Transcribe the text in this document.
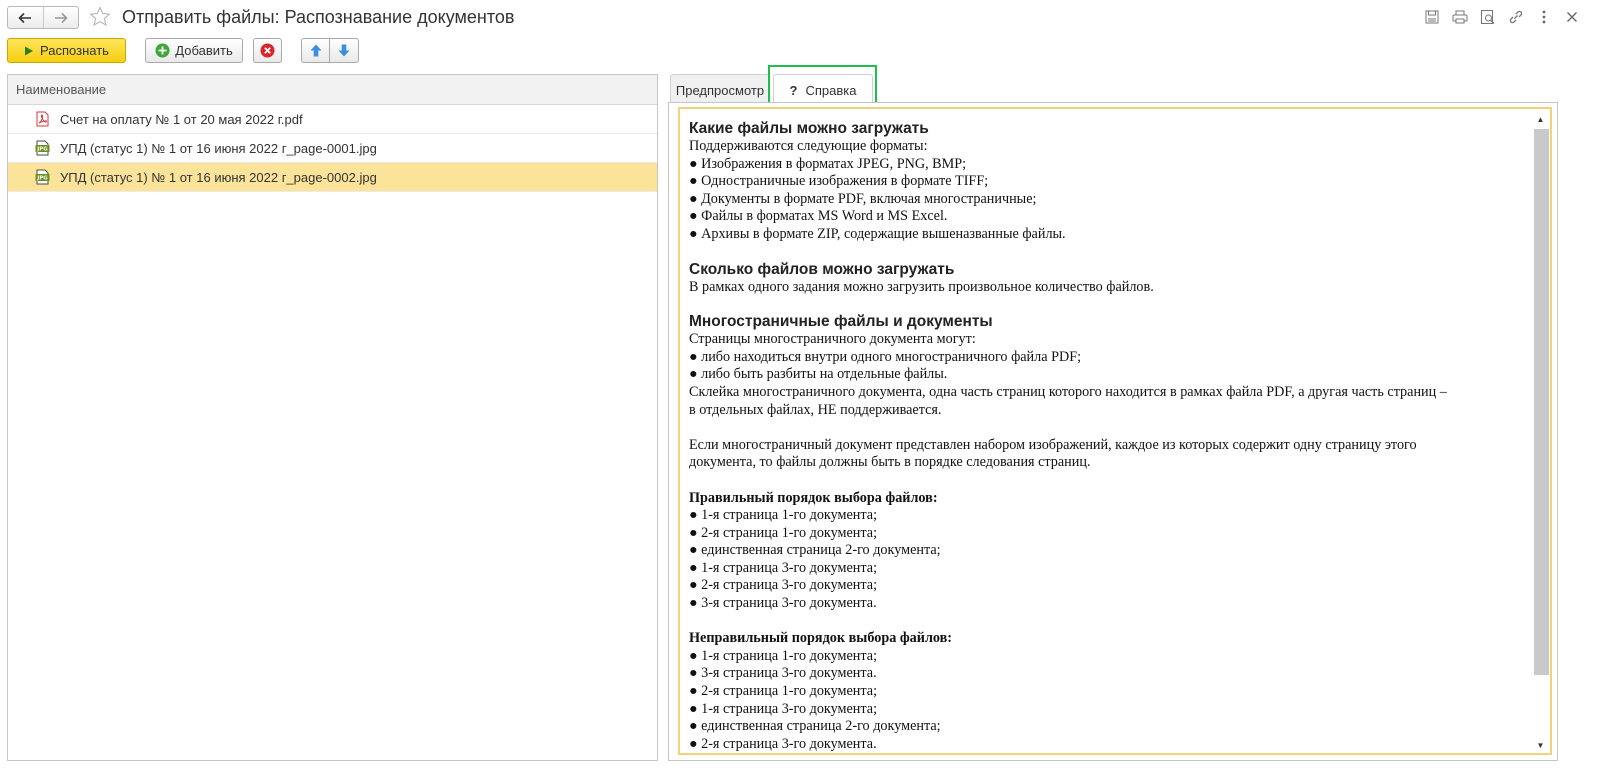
Отправить файлы: Распознавание документов
Распознать	Добавить
Наименование
Счет на оплату № 1 от 20 мая 2022 г.pdf
JPG УПД (статус 1) № 1 от 16 июня 2022 г_page-0001.jpg
JPG УПД (статус 1) № 1 от 16 июня 2022 г_page-0002.jpg
Предпросмотр	? Справка
Какие файлы можно загружать

Поддерживаются следующие форматы:

● Изображения в форматах JPEG, PNG, BMP;

● Одностраничные изображения в формате TIFF;

● Документы в формате PDF, включая многостраничные;

● Файлы в форматах MS Word и MS Excel.

● Архивы в формате ZIP, содержащие вышеназванные файлы.

Сколько файлов можно загружать

В рамках одного задания можно загрузить произвольное количество файлов.

Многостраничные файлы и документы

Страницы многостраничного документа могут:

● либо находиться внутри одного многостраничного файла PDF;

● либо быть разбиты на отдельные файлы.

Склейка многостраничного документа, одна часть страниц которого находится в рамках файла PDF, а другая часть страниц –

в отдельных файлах, НЕ поддерживается.

Если многостраничный документ представлен набором изображений, каждое из которых содержит одну страницу этого

документа, то файлы должны быть в порядке следования страниц.

Правильный порядок выбора файлов:

● 1-я страница 1-го документа;

● 2-я страница 1-го документа;

● единственная страница 2-го документа;

● 1-я страница 3-го документа;

● 2-я страница 3-го документа;

● 3-я страница 3-го документа.

Неправильный порядок выбора файлов:

● 1-я страница 1-го документа;

● 3-я страница 3-го документа.

● 2-я страница 1-го документа;

● 1-я страница 3-го документа;

● единственная страница 2-го документа;

● 2-я страница 3-го документа.

▲
▼
